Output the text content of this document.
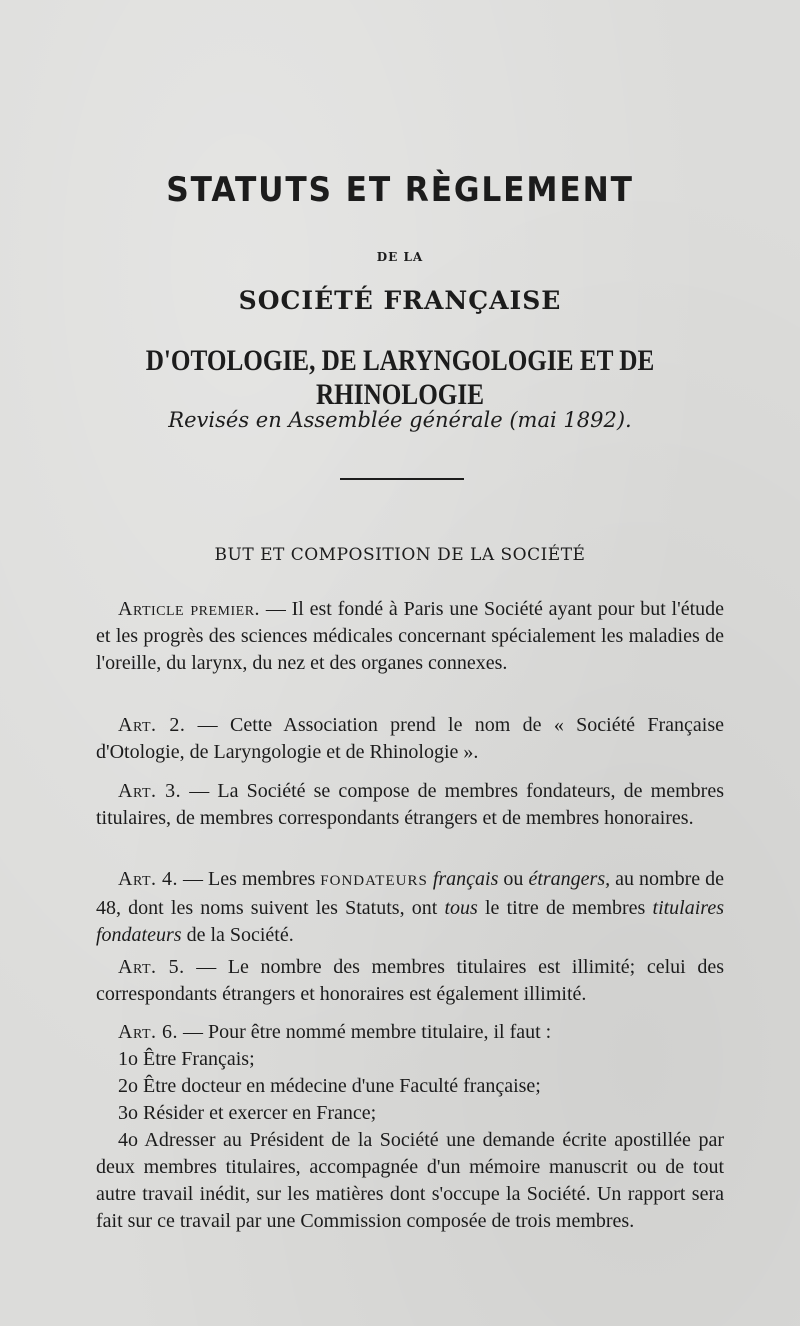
STATUTS ET RÈGLEMENT
DE LA
SOCIÉTÉ FRANÇAISE
D'OTOLOGIE, DE LARYNGOLOGIE ET DE RHINOLOGIE
Revisés en Assemblée générale (mai 1892).
BUT ET COMPOSITION DE LA SOCIÉTÉ

Article premier. — Il est fondé à Paris une Société ayant pour but l'étude et les progrès des sciences médicales concernant spécialement les maladies de l'oreille, du larynx, du nez et des organes connexes.

Art. 2. — Cette Association prend le nom de « Société Française d'Otologie, de Laryngologie et de Rhinologie ».

Art. 3. — La Société se compose de membres fondateurs, de membres titulaires, de membres correspondants étrangers et de membres honoraires.

Art. 4. — Les membres FONDATEURS français ou étrangers, au nombre de 48, dont les noms suivent les Statuts, ont tous le titre de membres titulaires fondateurs de la Société.

Art. 5. — Le nombre des membres titulaires est illimité; celui des correspondants étrangers et honoraires est également illimité.

Art. 6. — Pour être nommé membre titulaire, il faut :

1o Être Français;

2o Être docteur en médecine d'une Faculté française;

3o Résider et exercer en France;

4o Adresser au Président de la Société une demande écrite apostillée par deux membres titulaires, accompagnée d'un mémoire manuscrit ou de tout autre travail inédit, sur les matières dont s'occupe la Société. Un rapport sera fait sur ce travail par une Commission composée de trois membres.
